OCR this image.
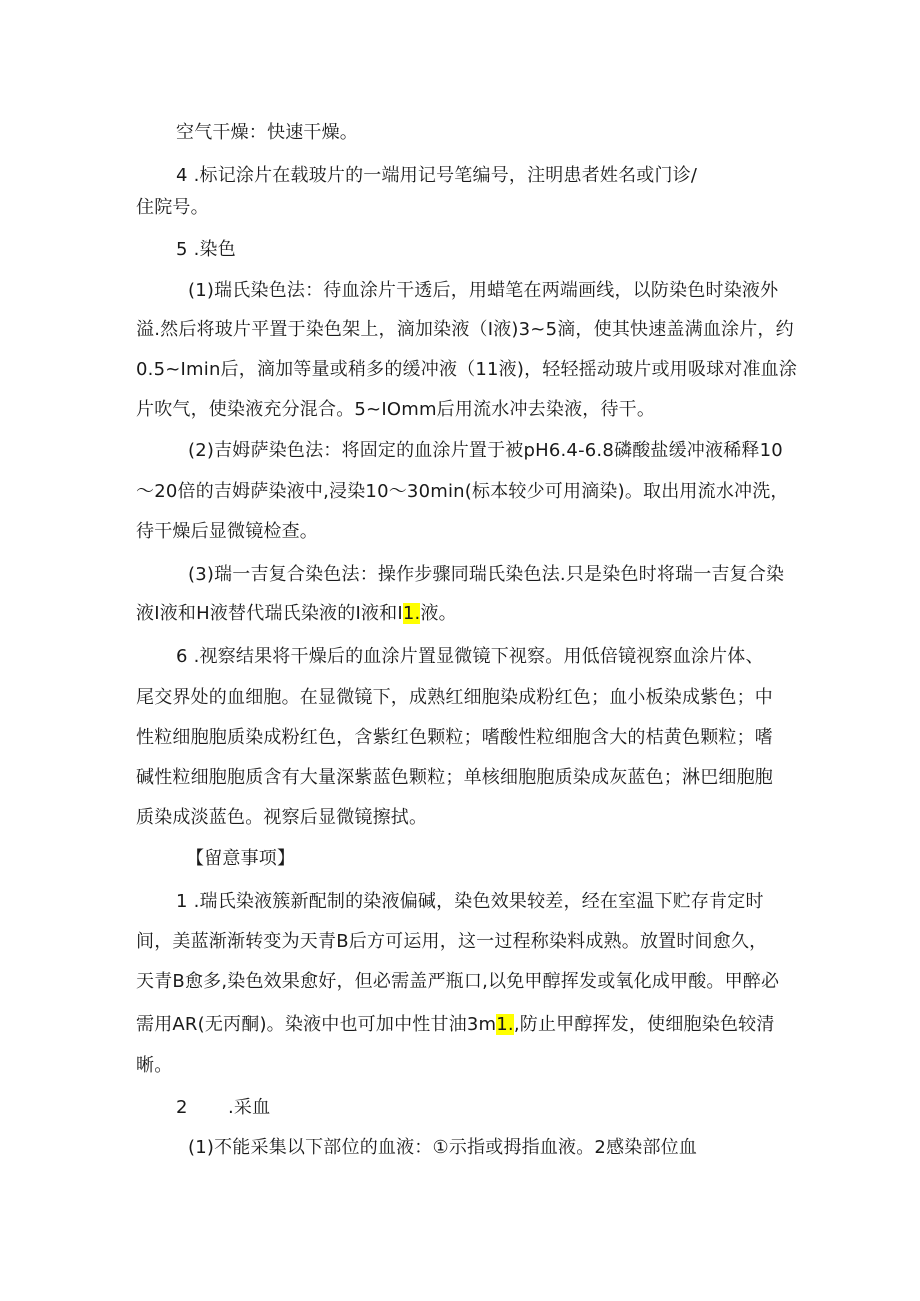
空气干燥：快速干燥。
4 .标记涂片在载玻片的一端用记号笔编号，注明患者姓名或门诊/
住院号。
5 .染色
(1)瑞氏染色法：待血涂片干透后，用蜡笔在两端画线，以防染色时染液外
溢.然后将玻片平置于染色架上，滴加染液（I液)3~5滴，使其快速盖满血涂片，约
0.5~Imin后，滴加等量或稍多的缓冲液（11液)，轻轻摇动玻片或用吸球对准血涂
片吹气，使染液充分混合。5~IOmm后用流水冲去染液，待干。
(2)吉姆萨染色法：将固定的血涂片置于被pH6.4-6.8磷酸盐缓冲液稀释10
～20倍的吉姆萨染液中,浸染10～30min(标本较少可用滴染)。取出用流水冲洗，
待干燥后显微镜检查。
(3)瑞一吉复合染色法：操作步骤同瑞氏染色法.只是染色时将瑞一吉复合染
液I液和H液替代瑞氏染液的I液和I1.液。
6 .视察结果将干燥后的血涂片置显微镜下视察。用低倍镜视察血涂片体、
尾交界处的血细胞。在显微镜下，成熟红细胞染成粉红色；血小板染成紫色；中
性粒细胞胞质染成粉红色，含紫红色颗粒；嗜酸性粒细胞含大的桔黄色颗粒；嗜
碱性粒细胞胞质含有大量深紫蓝色颗粒；单核细胞胞质染成灰蓝色；淋巴细胞胞
质染成淡蓝色。视察后显微镜擦拭。
【留意事项】
1 .瑞氏染液簇新配制的染液偏碱，染色效果较差，经在室温下贮存肯定时
间，美蓝渐渐转变为天青B后方可运用，这一过程称染料成熟。放置时间愈久，
天青B愈多,染色效果愈好，但必需盖严瓶口,以免甲醇挥发或氧化成甲酸。甲醉必
需用AR(无丙酮)。染液中也可加中性甘油3m1.,防止甲醇挥发，使细胞染色较清
晰。
2 .采血
(1)不能采集以下部位的血液：①示指或拇指血液。2感染部位血
